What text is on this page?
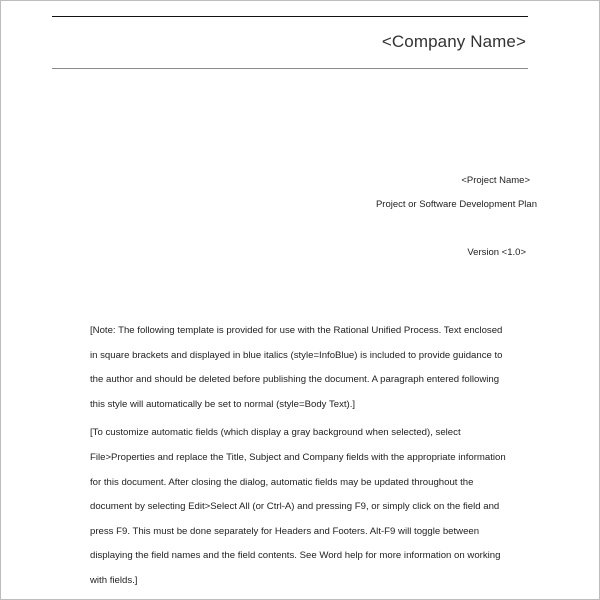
<Company Name>
<Project Name>
Project or Software Development Plan
Version <1.0>
[Note: The following template is provided for use with the Rational Unified Process. Text enclosed
in square brackets and displayed in blue italics (style=InfoBlue) is included to provide guidance to
the author and should be deleted before publishing the document. A paragraph entered following
this style will automatically be set to normal (style=Body Text).]
[To customize automatic fields (which display a gray background when selected), select
File>Properties and replace the Title, Subject and Company fields with the appropriate information
for this document. After closing the dialog, automatic fields may be updated throughout the
document by selecting Edit>Select All (or Ctrl-A) and pressing F9, or simply click on the field and
press F9. This must be done separately for Headers and Footers. Alt-F9 will toggle between
displaying the field names and the field contents. See Word help for more information on working
with fields.]
